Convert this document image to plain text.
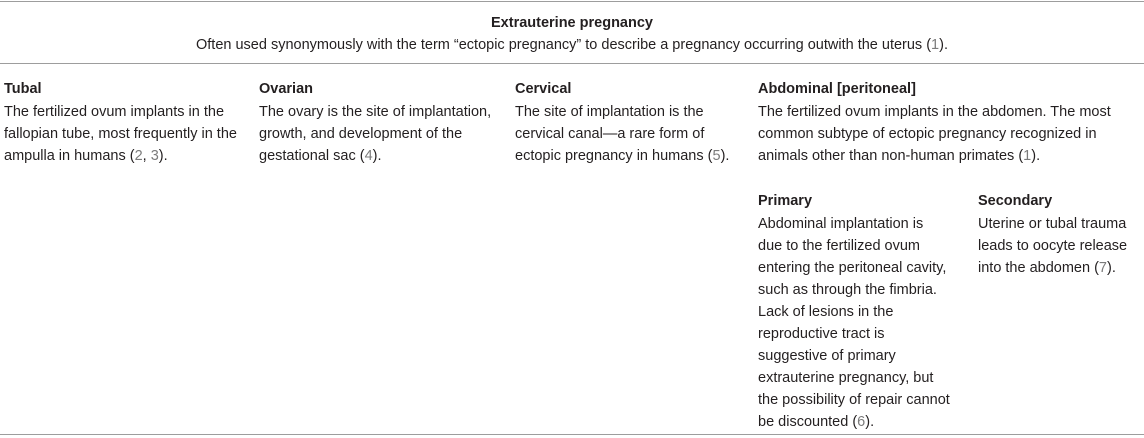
Extrauterine pregnancy
Often used synonymously with the term “ectopic pregnancy” to describe a pregnancy occurring outwith the uterus (1).
Tubal
The fertilized ovum implants in the fallopian tube, most frequently in the ampulla in humans (2, 3).
Ovarian
The ovary is the site of implantation, growth, and development of the gestational sac (4).
Cervical
The site of implantation is the cervical canal—a rare form of ectopic pregnancy in humans (5).
Abdominal [peritoneal]
The fertilized ovum implants in the abdomen. The most common subtype of ectopic pregnancy recognized in animals other than non-human primates (1).
Primary
Abdominal implantation is due to the fertilized ovum entering the peritoneal cavity, such as through the fimbria. Lack of lesions in the reproductive tract is suggestive of primary extrauterine pregnancy, but the possibility of repair cannot be discounted (6).
Secondary
Uterine or tubal trauma leads to oocyte release into the abdomen (7).
